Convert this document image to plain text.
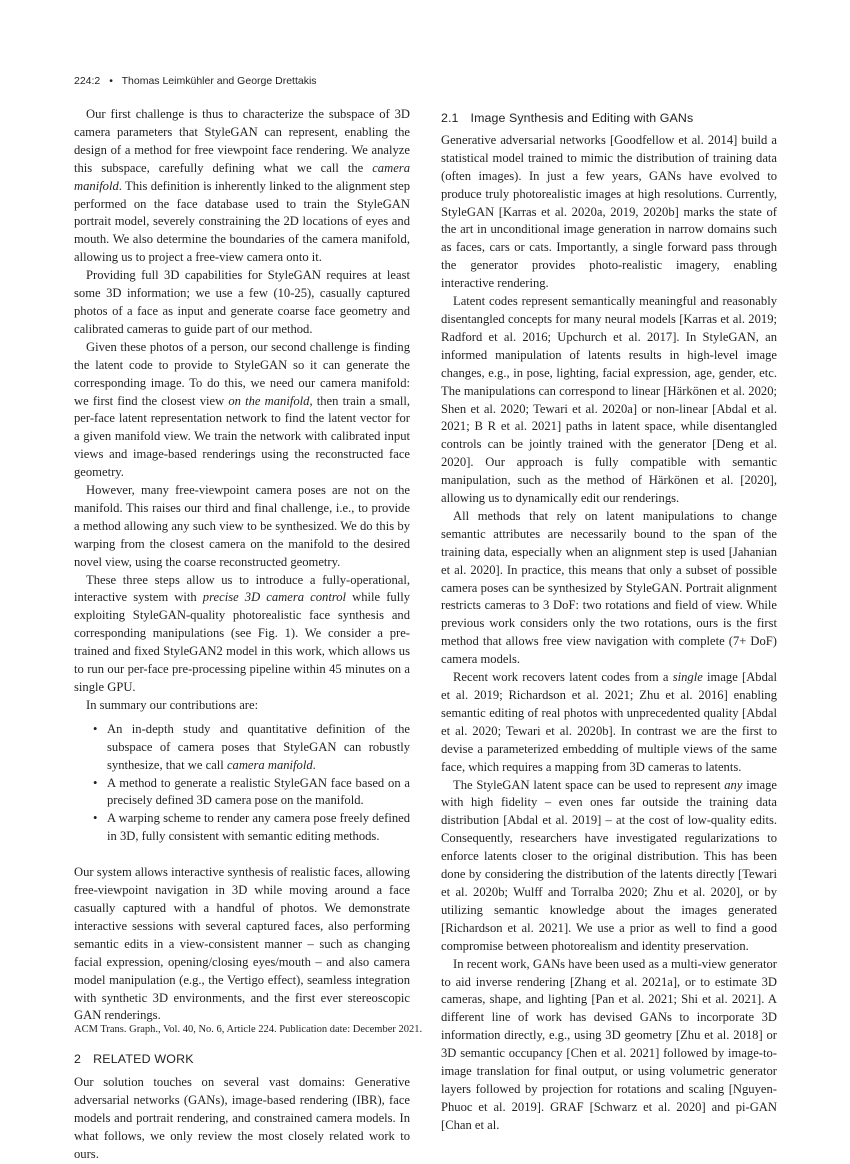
224:2 • Thomas Leimkühler and George Drettakis

Our first challenge is thus to characterize the subspace of 3D camera parameters that StyleGAN can represent, enabling the design of a method for free viewpoint face rendering. We analyze this subspace, carefully defining what we call the camera manifold. This definition is inherently linked to the alignment step performed on the face database used to train the StyleGAN portrait model, severely constraining the 2D locations of eyes and mouth. We also determine the boundaries of the camera manifold, allowing us to project a free-view camera onto it.

Providing full 3D capabilities for StyleGAN requires at least some 3D information; we use a few (10-25), casually captured photos of a face as input and generate coarse face geometry and calibrated cameras to guide part of our method.

Given these photos of a person, our second challenge is finding the latent code to provide to StyleGAN so it can generate the corresponding image. To do this, we need our camera manifold: we first find the closest view on the manifold, then train a small, per-face latent representation network to find the latent vector for a given manifold view. We train the network with calibrated input views and image-based renderings using the reconstructed face geometry.

However, many free-viewpoint camera poses are not on the manifold. This raises our third and final challenge, i.e., to provide a method allowing any such view to be synthesized. We do this by warping from the closest camera on the manifold to the desired novel view, using the coarse reconstructed geometry.

These three steps allow us to introduce a fully-operational, interactive system with precise 3D camera control while fully exploiting StyleGAN-quality photorealistic face synthesis and corresponding manipulations (see Fig. 1). We consider a pre-trained and fixed StyleGAN2 model in this work, which allows us to run our per-face pre-processing pipeline within 45 minutes on a single GPU.

In summary our contributions are:

• An in-depth study and quantitative definition of the subspace of camera poses that StyleGAN can robustly synthesize, that we call camera manifold.
• A method to generate a realistic StyleGAN face based on a precisely defined 3D camera pose on the manifold.
• A warping scheme to render any camera pose freely defined in 3D, fully consistent with semantic editing methods.

Our system allows interactive synthesis of realistic faces, allowing free-viewpoint navigation in 3D while moving around a face casually captured with a handful of photos. We demonstrate interactive sessions with several captured faces, also performing semantic edits in a view-consistent manner – such as changing facial expression, opening/closing eyes/mouth – and also camera model manipulation (e.g., the Vertigo effect), seamless integration with synthetic 3D environments, and the first ever stereoscopic GAN renderings.

2 RELATED WORK

Our solution touches on several vast domains: Generative adversarial networks (GANs), image-based rendering (IBR), face models and portrait rendering, and constrained camera models. In what follows, we only review the most closely related work to ours.

2.1 Image Synthesis and Editing with GANs

Generative adversarial networks [Goodfellow et al. 2014] build a statistical model trained to mimic the distribution of training data (often images). In just a few years, GANs have evolved to produce truly photorealistic images at high resolutions. Currently, StyleGAN [Karras et al. 2020a, 2019, 2020b] marks the state of the art in unconditional image generation in narrow domains such as faces, cars or cats. Importantly, a single forward pass through the generator provides photo-realistic imagery, enabling interactive rendering.

Latent codes represent semantically meaningful and reasonably disentangled concepts for many neural models [Karras et al. 2019; Radford et al. 2016; Upchurch et al. 2017]. In StyleGAN, an informed manipulation of latents results in high-level image changes, e.g., in pose, lighting, facial expression, age, gender, etc. The manipulations can correspond to linear [Härkönen et al. 2020; Shen et al. 2020; Tewari et al. 2020a] or non-linear [Abdal et al. 2021; B R et al. 2021] paths in latent space, while disentangled controls can be jointly trained with the generator [Deng et al. 2020]. Our approach is fully compatible with semantic manipulation, such as the method of Härkönen et al. [2020], allowing us to dynamically edit our renderings.

All methods that rely on latent manipulations to change semantic attributes are necessarily bound to the span of the training data, especially when an alignment step is used [Jahanian et al. 2020]. In practice, this means that only a subset of possible camera poses can be synthesized by StyleGAN. Portrait alignment restricts cameras to 3 DoF: two rotations and field of view. While previous work considers only the two rotations, ours is the first method that allows free view navigation with complete (7+ DoF) camera models.

Recent work recovers latent codes from a single image [Abdal et al. 2019; Richardson et al. 2021; Zhu et al. 2016] enabling semantic editing of real photos with unprecedented quality [Abdal et al. 2020; Tewari et al. 2020b]. In contrast we are the first to devise a parameterized embedding of multiple views of the same face, which requires a mapping from 3D cameras to latents.

The StyleGAN latent space can be used to represent any image with high fidelity – even ones far outside the training data distribution [Abdal et al. 2019] – at the cost of low-quality edits. Consequently, researchers have investigated regularizations to enforce latents closer to the original distribution. This has been done by considering the distribution of the latents directly [Tewari et al. 2020b; Wulff and Torralba 2020; Zhu et al. 2020], or by utilizing semantic knowledge about the images generated [Richardson et al. 2021]. We use a prior as well to find a good compromise between photorealism and identity preservation.

In recent work, GANs have been used as a multi-view generator to aid inverse rendering [Zhang et al. 2021a], or to estimate 3D cameras, shape, and lighting [Pan et al. 2021; Shi et al. 2021]. A different line of work has devised GANs to incorporate 3D information directly, e.g., using 3D geometry [Zhu et al. 2018] or 3D semantic occupancy [Chen et al. 2021] followed by image-to-image translation for final output, or using volumetric generator layers followed by projection for rotations and scaling [Nguyen-Phuoc et al. 2019]. GRAF [Schwarz et al. 2020] and pi-GAN [Chan et al.

ACM Trans. Graph., Vol. 40, No. 6, Article 224. Publication date: December 2021.
